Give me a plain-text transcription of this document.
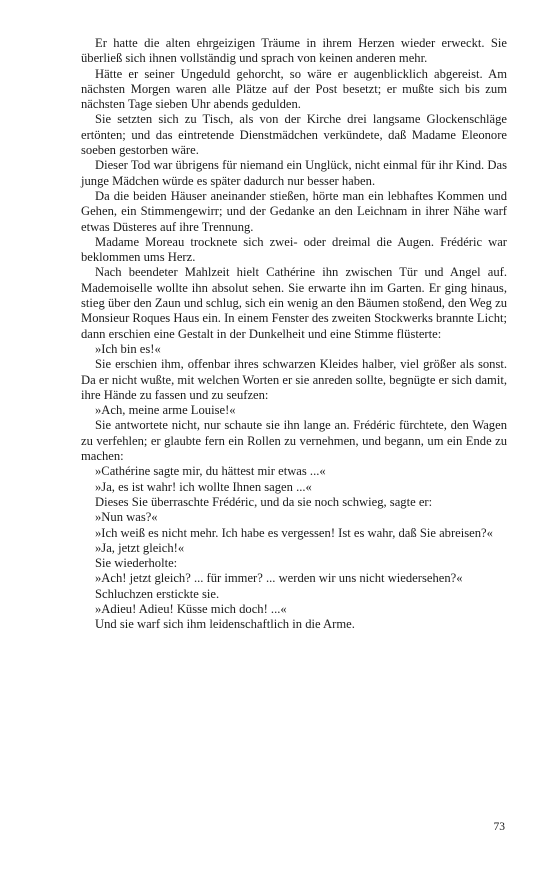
Er hatte die alten ehrgeizigen Träume in ihrem Herzen wieder erweckt. Sie überließ sich ihnen vollständig und sprach von keinen anderen mehr.

Hätte er seiner Ungeduld gehorcht, so wäre er augenblicklich abgereist. Am nächsten Morgen waren alle Plätze auf der Post besetzt; er mußte sich bis zum nächsten Tage sieben Uhr abends gedulden.

Sie setzten sich zu Tisch, als von der Kirche drei langsame Glockenschläge ertönten; und das eintretende Dienstmädchen verkündete, daß Madame Eleonore soeben gestorben wäre.

Dieser Tod war übrigens für niemand ein Unglück, nicht einmal für ihr Kind. Das junge Mädchen würde es später dadurch nur besser haben.

Da die beiden Häuser aneinander stießen, hörte man ein lebhaftes Kommen und Gehen, ein Stimmengewirr; und der Gedanke an den Leichnam in ihrer Nähe warf etwas Düsteres auf ihre Trennung.

Madame Moreau trocknete sich zwei- oder dreimal die Augen. Frédéric war beklommen ums Herz.

Nach beendeter Mahlzeit hielt Cathérine ihn zwischen Tür und Angel auf. Mademoiselle wollte ihn absolut sehen. Sie erwarte ihn im Garten. Er ging hinaus, stieg über den Zaun und schlug, sich ein wenig an den Bäumen stoßend, den Weg zu Monsieur Roques Haus ein. In einem Fenster des zweiten Stockwerks brannte Licht; dann erschien eine Gestalt in der Dunkelheit und eine Stimme flüsterte:

»Ich bin es!«

Sie erschien ihm, offenbar ihres schwarzen Kleides halber, viel größer als sonst. Da er nicht wußte, mit welchen Worten er sie anreden sollte, begnügte er sich damit, ihre Hände zu fassen und zu seufzen:

»Ach, meine arme Louise!«

Sie antwortete nicht, nur schaute sie ihn lange an. Frédéric fürchtete, den Wagen zu verfehlen; er glaubte fern ein Rollen zu vernehmen, und begann, um ein Ende zu machen:

»Cathérine sagte mir, du hättest mir etwas ...«

»Ja, es ist wahr! ich wollte Ihnen sagen ...«

Dieses Sie überraschte Frédéric, und da sie noch schwieg, sagte er:

»Nun was?«

»Ich weiß es nicht mehr. Ich habe es vergessen! Ist es wahr, daß Sie abreisen?«

»Ja, jetzt gleich!«

Sie wiederholte:

»Ach! jetzt gleich? ... für immer? ... werden wir uns nicht wiedersehen?«

Schluchzen erstickte sie.

»Adieu! Adieu! Küsse mich doch! ...«

Und sie warf sich ihm leidenschaftlich in die Arme.

73
